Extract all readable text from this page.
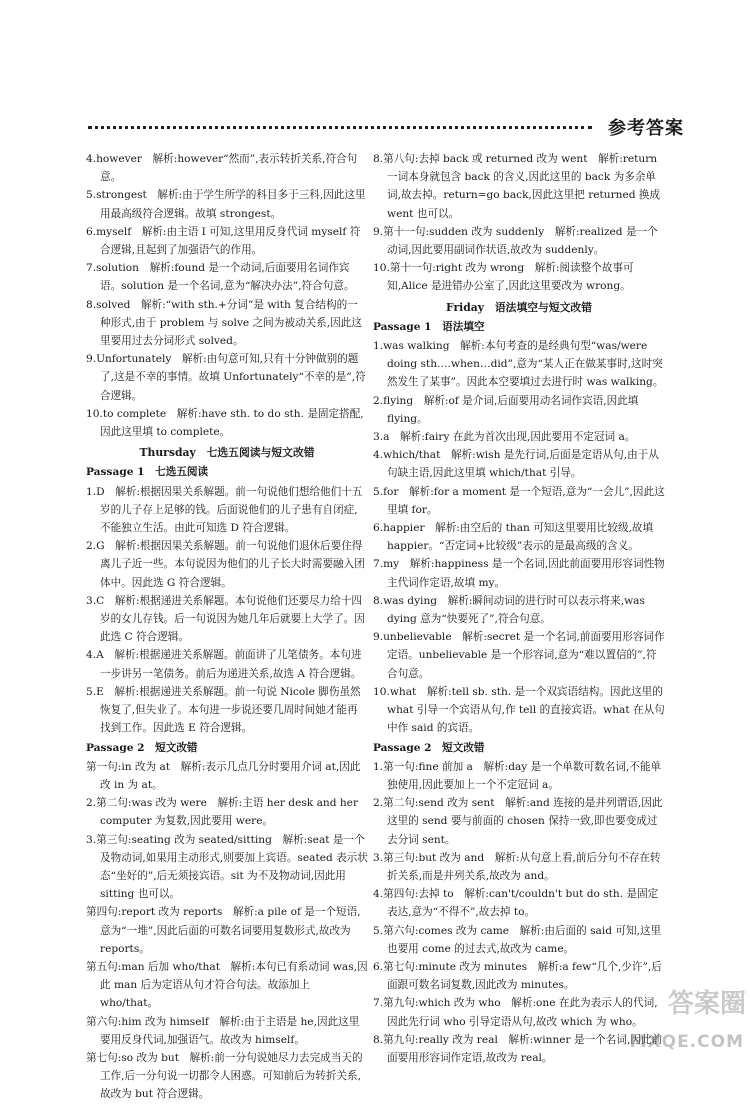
参考答案

4.however　解析:however“然而”,表示转折关系,符合句意。

5.strongest　解析:由于学生所学的科目多于三科,因此这里用最高级符合逻辑。故填 strongest。

6.myself　解析:由主语 I 可知,这里用反身代词 myself 符合逻辑,且起到了加强语气的作用。

7.solution　解析:found 是一个动词,后面要用名词作宾语。solution 是一个名词,意为“解决办法”,符合句意。

8.solved　解析:“with sth.+分词”是 with 复合结构的一种形式,由于 problem 与 solve 之间为被动关系,因此这里要用过去分词形式 solved。

9.Unfortunately　解析:由句意可知,只有十分钟做别的题了,这是不幸的事情。故填 Unfortunately“不幸的是”,符合逻辑。

10.to complete　解析:have sth. to do sth. 是固定搭配,因此这里填 to complete。

Thursday　七选五阅读与短文改错
Passage 1　七选五阅读

1.D　解析:根据因果关系解题。前一句说他们想给他们十五岁的儿子存上足够的钱。后面说他们的儿子患有自闭症,不能独立生活。由此可知选 D 符合逻辑。

2.G　解析:根据因果关系解题。前一句说他们退休后要住得离儿子近一些。本句说因为他们的儿子长大时需要融入团体中。因此选 G 符合逻辑。

3.C　解析:根据递进关系解题。本句说他们还要尽力给十四岁的女儿存钱。后一句说因为她几年后就要上大学了。因此选 C 符合逻辑。

4.A　解析:根据递进关系解题。前面讲了儿笔债务。本句进一步讲另一笔债务。前后为递进关系,故选 A 符合逻辑。

5.E　解析:根据递进关系解题。前一句说 Nicole 脚伤虽然恢复了,但失业了。本句进一步说还要几周时间她才能再找到工作。因此选 E 符合逻辑。

Passage 2　短文改错

第一句:in 改为 at　解析:表示几点几分时要用介词 at,因此改 in 为 at。

2.第二句:was 改为 were　解析:主语 her desk and her computer 为复数,因此要用 were。

3.第三句:seating 改为 seated/sitting　解析:seat 是一个及物动词,如果用主动形式,则要加上宾语。seated 表示状态“坐好的”,后无须接宾语。sit 为不及物动词,因此用 sitting 也可以。

第四句:report 改为 reports　解析:a pile of 是一个短语,意为“一堆”,因此后面的可数名词要用复数形式,故改为 reports。

第五句:man 后加 who/that　解析:本句已有系动词 was,因此 man 后为定语从句才符合句法。故添加上 who/that。

第六句:him 改为 himself　解析:由于主语是 he,因此这里要用反身代词,加强语气。故改为 himself。

第七句:so 改为 but　解析:前一分句说她尽力去完成当天的工作,后一分句说一切都令人困惑。可知前后为转折关系,故改为 but 符合逻辑。

8.第八句:去掉 back 或 returned 改为 went　解析:return 一词本身就包含 back 的含义,因此这里的 back 为多余单词,故去掉。return=go back,因此这里把 returned 换成 went 也可以。

9.第十一句:sudden 改为 suddenly　解析:realized 是一个动词,因此要用副词作状语,故改为 suddenly。

10.第十一句:right 改为 wrong　解析:阅读整个故事可知,Alice 是进错办公室了,因此这里要改为 wrong。

Friday　语法填空与短文改错
Passage 1　语法填空

1.was walking　解析:本句考查的是经典句型“was/were doing sth.…when…did”,意为“某人正在做某事时,这时突然发生了某事”。因此本空要填过去进行时 was walking。

2.flying　解析:of 是介词,后面要用动名词作宾语,因此填 flying。

3.a　解析:fairy 在此为首次出现,因此要用不定冠词 a。

4.which/that　解析:wish 是先行词,后面是定语从句,由于从句缺主语,因此这里填 which/that 引导。

5.for　解析:for a moment 是一个短语,意为“一会儿”,因此这里填 for。

6.happier　解析:由空后的 than 可知这里要用比较级,故填 happier。“否定词+比较级”表示的是最高级的含义。

7.my　解析:happiness 是一个名词,因此前面要用形容词性物主代词作定语,故填 my。

8.was dying　解析:瞬间动词的进行时可以表示将来,was dying 意为“快要死了”,符合句意。

9.unbelievable　解析:secret 是一个名词,前面要用形容词作定语。unbelievable 是一个形容词,意为“难以置信的”,符合句意。

10.what　解析:tell sb. sth. 是一个双宾语结构。因此这里的 what 引导一个宾语从句,作 tell 的直接宾语。what 在从句中作 said 的宾语。

Passage 2　短文改错

1.第一句:fine 前加 a　解析:day 是一个单数可数名词,不能单独使用,因此要加上一个不定冠词 a。

2.第二句:send 改为 sent　解析:and 连接的是并列谓语,因此这里的 send 要与前面的 chosen 保持一致,即也要变成过去分词 sent。

3.第三句:but 改为 and　解析:从句意上看,前后分句不存在转折关系,而是并列关系,故改为 and。

4.第四句:去掉 to　解析:can't/couldn't but do sth. 是固定表达,意为“不得不”,故去掉 to。

5.第六句:comes 改为 came　解析:由后面的 said 可知,这里也要用 come 的过去式,故改为 came。

6.第七句:minute 改为 minutes　解析:a few“几个,少许”,后面跟可数名词复数,因此改为 minutes。

7.第九句:which 改为 who　解析:one 在此为表示人的代词,因此先行词 who 引导定语从句,故改 which 为 who。

8.第九句:really 改为 real　解析:winner 是一个名词,因此前面要用形容词作定语,故改为 real。

答案圈
MXQE.COM
